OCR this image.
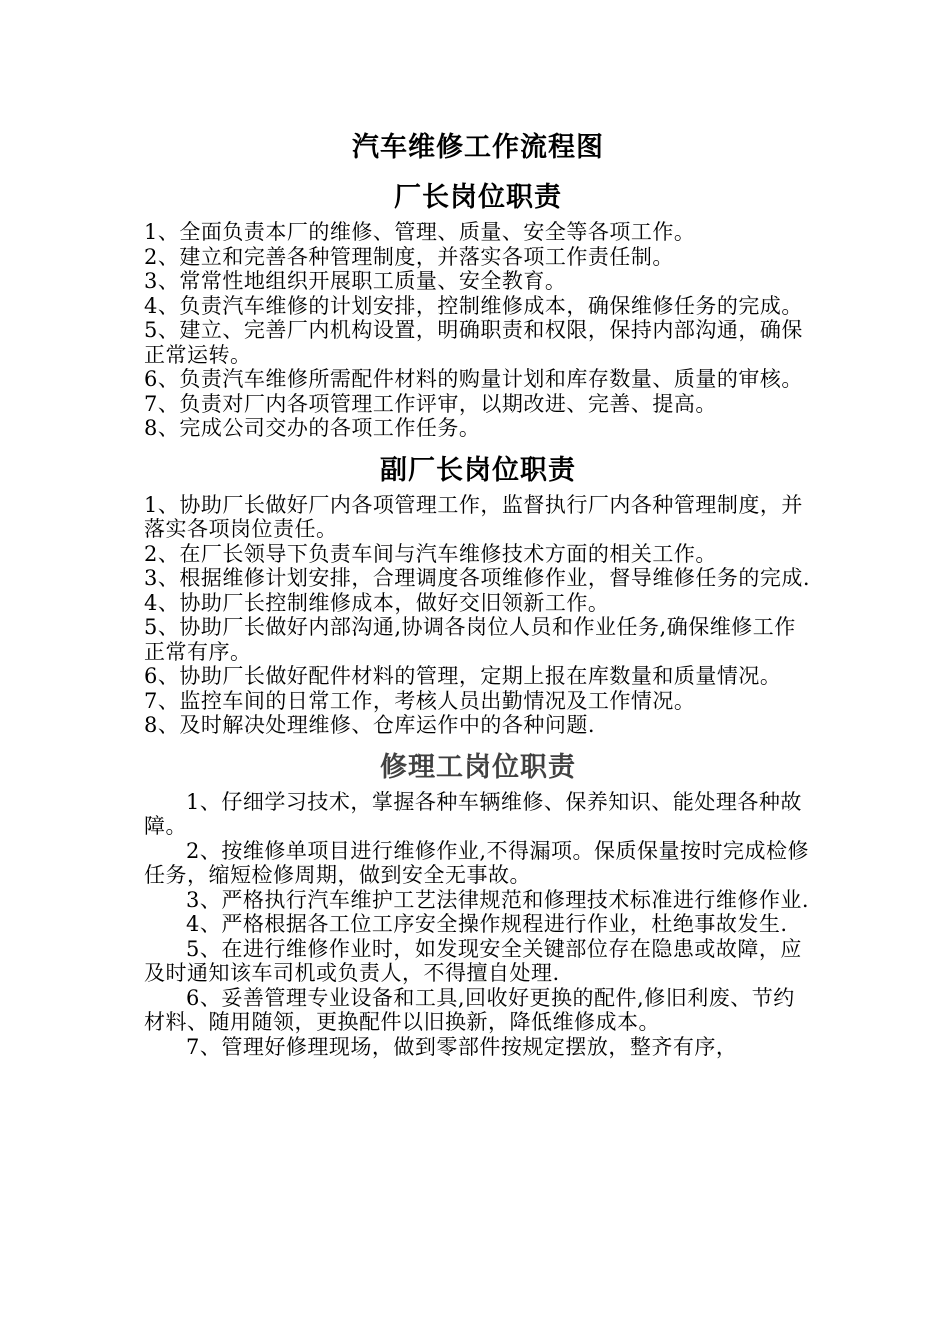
汽车维修工作流程图
厂长岗位职责

1、全面负责本厂的维修、管理、质量、安全等各项工作。

2、建立和完善各种管理制度，并落实各项工作责任制。

3、常常性地组织开展职工质量、安全教育。

4、负责汽车维修的计划安排，控制维修成本，确保维修任务的完成。

5、建立、完善厂内机构设置，明确职责和权限，保持内部沟通，确保正常运转。

6、负责汽车维修所需配件材料的购量计划和库存数量、质量的审核。

7、负责对厂内各项管理工作评审，以期改进、完善、提高。

8、完成公司交办的各项工作任务。

副厂长岗位职责

1、协助厂长做好厂内各项管理工作，监督执行厂内各种管理制度，并落实各项岗位责任。

2、在厂长领导下负责车间与汽车维修技术方面的相关工作。

3、根据维修计划安排，合理调度各项维修作业，督导维修任务的完成.

4、协助厂长控制维修成本，做好交旧领新工作。

5、协助厂长做好内部沟通,协调各岗位人员和作业任务,确保维修工作正常有序。

6、协助厂长做好配件材料的管理，定期上报在库数量和质量情况。

7、监控车间的日常工作，考核人员出勤情况及工作情况。

8、及时解决处理维修、仓库运作中的各种问题.

修理工岗位职责

1、仔细学习技术，掌握各种车辆维修、保养知识、能处理各种故障。

2、按维修单项目进行维修作业,不得漏项。保质保量按时完成检修任务，缩短检修周期，做到安全无事故。

3、严格执行汽车维护工艺法律规范和修理技术标准进行维修作业.

4、严格根据各工位工序安全操作规程进行作业，杜绝事故发生.

5、在进行维修作业时，如发现安全关键部位存在隐患或故障，应及时通知该车司机或负责人，不得擅自处理.

6、妥善管理专业设备和工具,回收好更换的配件,修旧利废、节约材料、随用随领，更换配件以旧换新，降低维修成本。

7、管理好修理现场，做到零部件按规定摆放，整齐有序，
